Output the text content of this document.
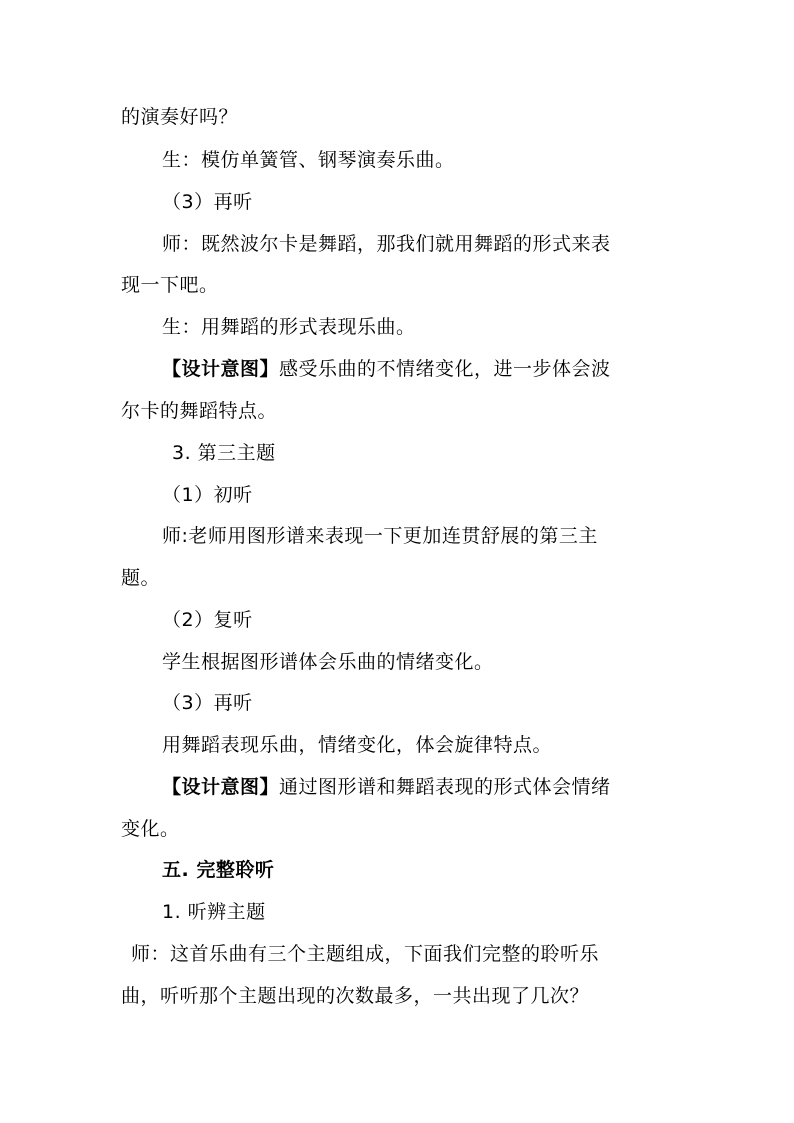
的演奏好吗？
生：模仿单簧管、钢琴演奏乐曲。
（3）再听
师：既然波尔卡是舞蹈，那我们就用舞蹈的形式来表
现一下吧。
生：用舞蹈的形式表现乐曲。
【设计意图】感受乐曲的不情绪变化，进一步体会波
尔卡的舞蹈特点。
3. 第三主题
（1）初听
师:老师用图形谱来表现一下更加连贯舒展的第三主
题。
（2）复听
学生根据图形谱体会乐曲的情绪变化。
（3）再听
用舞蹈表现乐曲，情绪变化，体会旋律特点。
【设计意图】通过图形谱和舞蹈表现的形式体会情绪
变化。
五. 完整聆听
1. 听辨主题
师：这首乐曲有三个主题组成，下面我们完整的聆听乐
曲，听听那个主题出现的次数最多，一共出现了几次？
